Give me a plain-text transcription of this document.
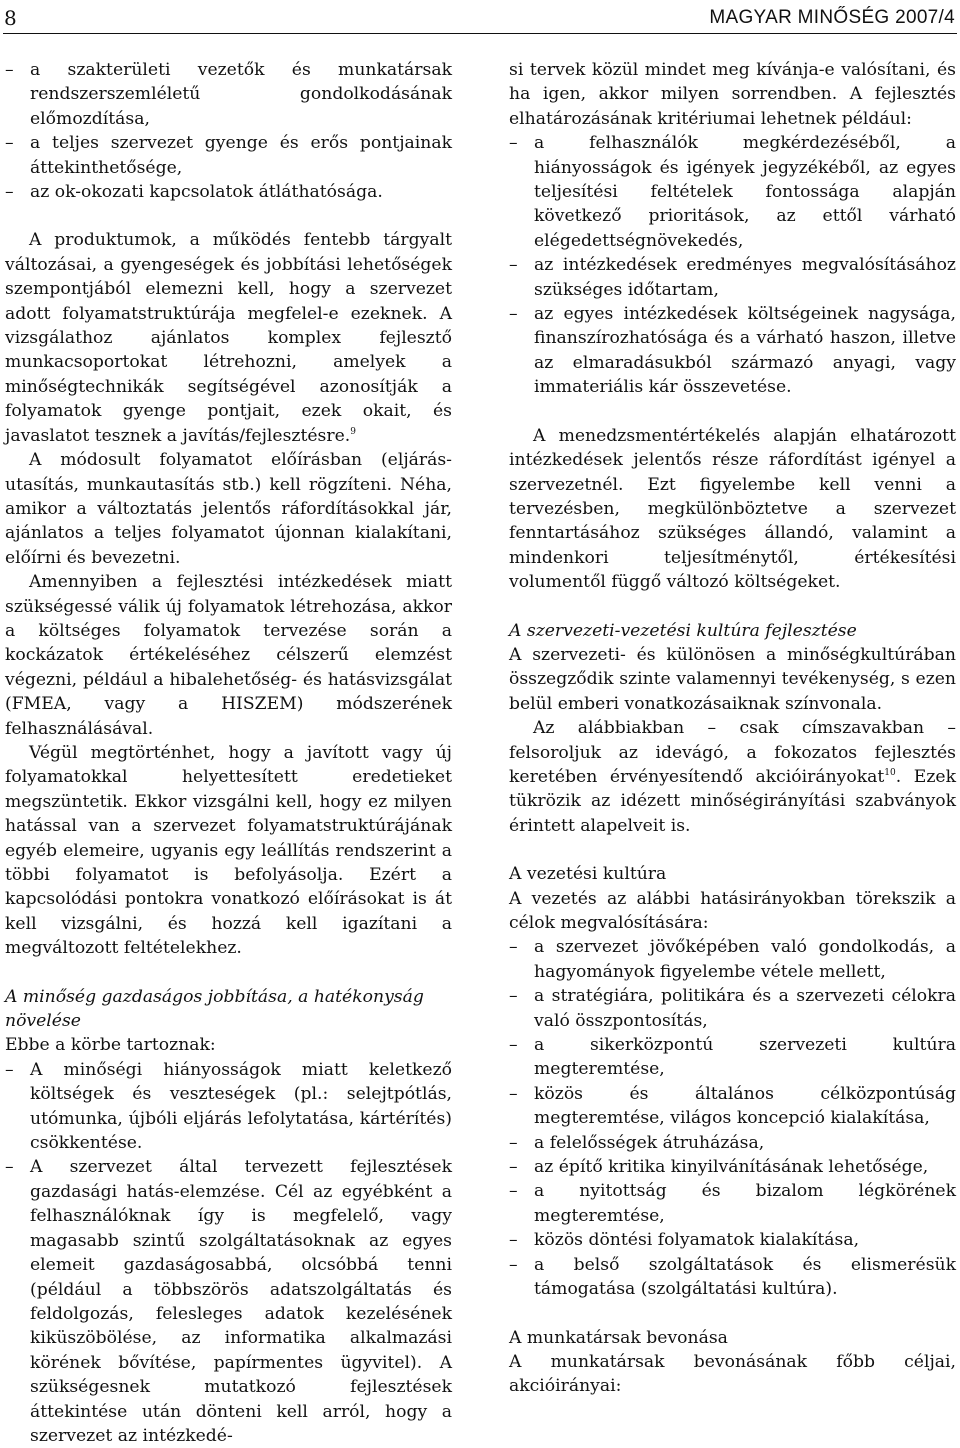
8	MAGYAR MINŐSÉG 2007/4
– a szakterületi vezetők és munkatársak rendszerszemléletű gondolkodásának előmozdítása,
– a teljes szervezet gyenge és erős pontjainak áttekinthetősége,
– az ok-okozati kapcsolatok átláthatósága.

A produktumok, a működés fentebb tárgyalt változásai, a gyengeségek és jobbítási lehetőségek szempontjából elemezni kell, hogy a szervezet adott folyamatstruktúrája megfelel-e ezeknek. A vizsgálathoz ajánlatos komplex fejlesztő munkacsoportokat létrehozni, amelyek a minőségtechnikák segítségével azonosítják a folyamatok gyenge pontjait, ezek okait, és javaslatot tesznek a javítás/fejlesztésre.$^9$

A módosult folyamatot előírásban (eljárás-utasítás, munkautasítás stb.) kell rögzíteni. Néha, amikor a változtatás jelentős ráfordításokkal jár, ajánlatos a teljes folyamatot újonnan kialakítani, előírni és bevezetni.

Amennyiben a fejlesztési intézkedések miatt szükségessé válik új folyamatok létrehozása, akkor a költséges folyamatok tervezése során a kockázatok értékeléséhez célszerű elemzést végezni, például a hibalehetőség- és hatásvizsgálat (FMEA, vagy a HISZEM) módszerének felhasználásával.

Végül megtörténhet, hogy a javított vagy új folyamatokkal helyettesített eredetieket megszüntetik. Ekkor vizsgálni kell, hogy ez milyen hatással van a szervezet folyamatstruktúrájának egyéb elemeire, ugyanis egy leállítás rendszerint a többi folyamatot is befolyásolja. Ezért a kapcsolódási pontokra vonatkozó előírásokat is át kell vizsgálni, és hozzá kell igazítani a megváltozott feltételekhez.

A minőség gazdaságos jobbítása, a hatékonyság növelése

Ebbe a körbe tartoznak:

– A minőségi hiányosságok miatt keletkező költségek és veszteségek (pl.: selejtpótlás, utómunka, újbóli eljárás lefolytatása, kártérítés) csökkentése.
– A szervezet által tervezett fejlesztések gazdasági hatás-elemzése. Cél az egyébként a felhasználóknak így is megfelelő, vagy magasabb szintű szolgáltatásoknak az egyes elemeit gazdaságosabbá, olcsóbbá tenni (például a többszörös adatszolgáltatás és feldolgozás, felesleges adatok kezelésének kiküszöbölése, az informatika alkalmazási körének bővítése, papírmentes ügyvitel). A szükségesnek mutatkozó fejlesztések áttekintése után dönteni kell arról, hogy a szervezet az intézkedé-

si tervek közül mindet meg kívánja-e valósítani, és ha igen, akkor milyen sorrendben. A fejlesztés elhatározásának kritériumai lehetnek például:

– a felhasználók megkérdezéséből, a hiányosságok és igények jegyzékéből, az egyes teljesítési feltételek fontossága alapján következő prioritások, az ettől várható elégedettségnövekedés,
– az intézkedések eredményes megvalósításához szükséges időtartam,
– az egyes intézkedések költségeinek nagysága, finanszírozhatósága és a várható haszon, illetve az elmaradásukból származó anyagi, vagy immateriális kár összevetése.

A menedzsmentértékelés alapján elhatározott intézkedések jelentős része ráfordítást igényel a szervezetnél. Ezt figyelembe kell venni a tervezésben, megkülönböztetve a szervezet fenntartásához szükséges állandó, valamint a mindenkori teljesítménytől, értékesítési volumentől függő változó költségeket.

A szervezeti-vezetési kultúra fejlesztése

A szervezeti- és különösen a minőségkultúrában összegződik szinte valamennyi tevékenység, s ezen belül emberi vonatkozásaiknak színvonala.

Az alábbiakban – csak címszavakban – felsoroljuk az idevágó, a fokozatos fejlesztés keretében érvényesítendő akcióirányokat$^{10}$. Ezek tükrözik az idézett minőségirányítási szabványok érintett alapelveit is.

A vezetési kultúra

A vezetés az alábbi hatásirányokban törekszik a célok megvalósítására:

– a szervezet jövőképében való gondolkodás, a hagyományok figyelembe vétele mellett,
– a stratégiára, politikára és a szervezeti célokra való összpontosítás,
– a sikerközpontú szervezeti kultúra megteremtése,
– közös és általános célközpontúság megteremtése, világos koncepció kialakítása,
– a felelősségek átruházása,
– az építő kritika kinyilvánításának lehetősége,
– a nyitottság és bizalom légkörének megteremtése,
– közös döntési folyamatok kialakítása,
– a belső szolgáltatások és elismerésük támogatása (szolgáltatási kultúra).

A munkatársak bevonása

A munkatársak bevonásának főbb céljai, akcióirányai:
